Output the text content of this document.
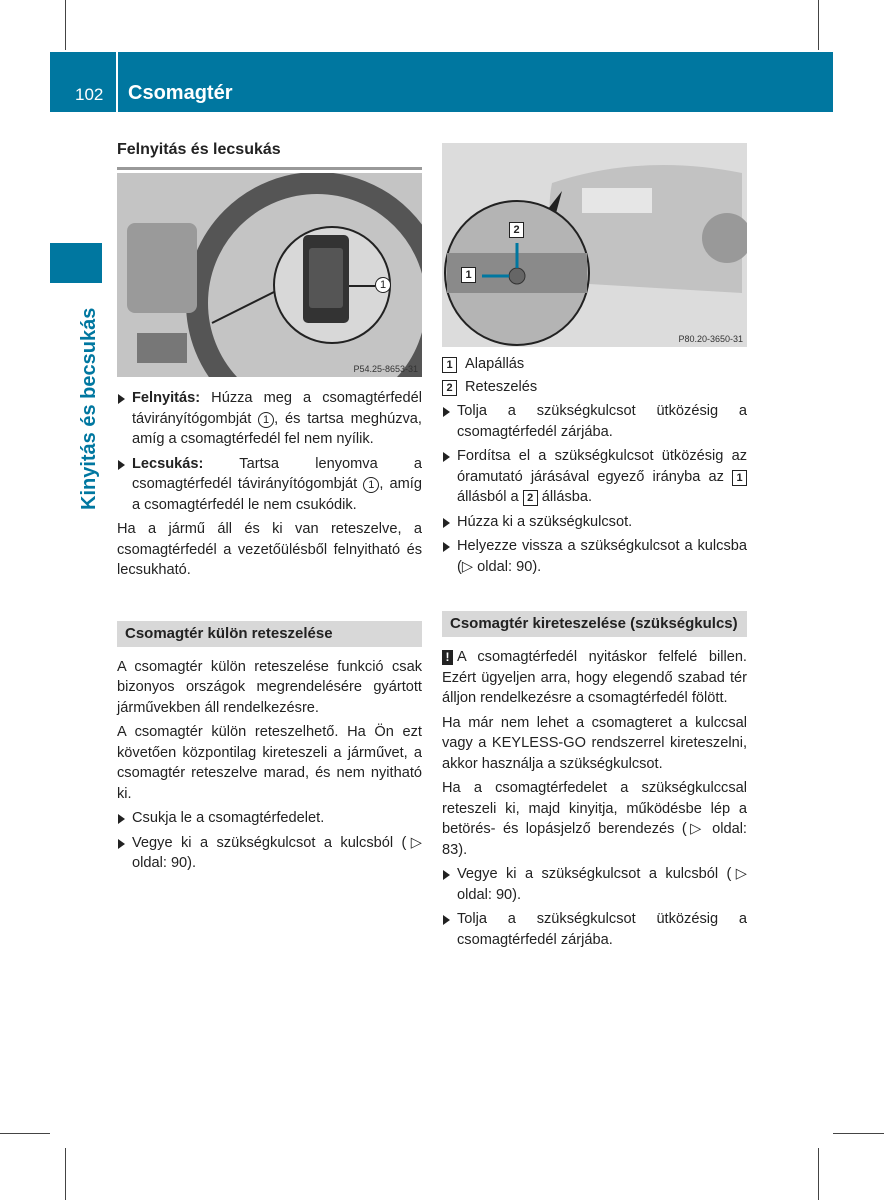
102 Csomagtér
Kinyitás és becsukás
Felnyitás és lecsukás
1
P54.25-8653-31
Felnyitás: Húzza meg a csomagtérfedél távirányítógombját 1 , és tartsa meghúzva, amíg a csomagtérfedél fel nem nyílik.
Lecsukás: Tartsa lenyomva a csomagtérfedél távirányítógombját 1 , amíg a csomagtérfedél le nem csukódik.

Ha a jármű áll és ki van reteszelve, a csomagtérfedél a vezetőülésből felnyitható és lecsukható.

Csomagtér külön reteszelése

A csomagtér külön reteszelése funkció csak bizonyos országok megrendelésére gyártott járművekben áll rendelkezésre.

A csomagtér külön reteszelhető. Ha Ön ezt követően központilag kireteszeli a járművet, a csomagtér reteszelve marad, és nem nyitható ki.

Csukja le a csomagtérfedelet.
Vegye ki a szükségkulcsot a kulcsból (▷ oldal: 90).
1
2
P80.20-3650-31
1 Alapállás
2 Reteszelés
Tolja a szükségkulcsot ütközésig a csomagtérfedél zárjába.
Fordítsa el a szükségkulcsot ütközésig az óramutató járásával egyező irányba az 1 állásból a 2 állásba.
Húzza ki a szükségkulcsot.
Helyezze vissza a szükségkulcsot a kulcsba (▷ oldal: 90).
Csomagtér kireteszelése (szükségkulcs)

! A csomagtérfedél nyitáskor felfelé billen. Ezért ügyeljen arra, hogy elegendő szabad tér álljon rendelkezésre a csomagtérfedél fölött.

Ha már nem lehet a csomagteret a kulccsal vagy a KEYLESS-GO rendszerrel kireteszelni, akkor használja a szükségkulcsot.

Ha a csomagtérfedelet a szükségkulccsal reteszeli ki, majd kinyitja, működésbe lép a betörés- és lopásjelző berendezés (▷ oldal: 83).

Vegye ki a szükségkulcsot a kulcsból (▷ oldal: 90).
Tolja a szükségkulcsot ütközésig a csomagtérfedél zárjába.
